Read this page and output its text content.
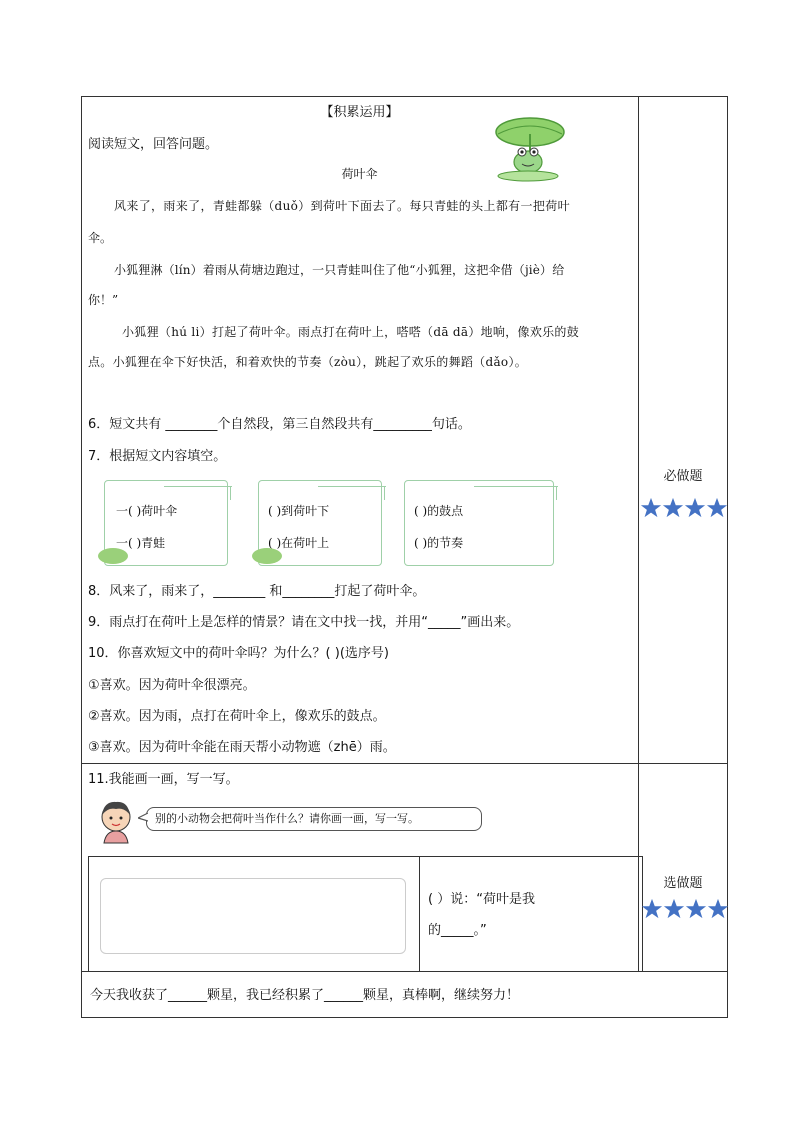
【积累运用】
阅读短文，回答问题。
荷叶伞
风来了，雨来了，青蛙都躲（duǒ）到荷叶下面去了。每只青蛙的头上都有一把荷叶
伞。
小狐狸淋（lín）着雨从荷塘边跑过，一只青蛙叫住了他“小狐狸，这把伞借（jiè）给
你！”
小狐狸（hú li）打起了荷叶伞。雨点打在荷叶上，嗒嗒（dā dā）地响，像欢乐的鼓
点。小狐狸在伞下好快活，和着欢快的节奏（zòu），跳起了欢乐的舞蹈（dǎo）。
6．短文共有 ________个自然段，第三自然段共有_________句话。
7．根据短文内容填空。
一( )荷叶伞
一( )青蛙
( )到荷叶下
( )在荷叶上
( )的鼓点
( )的节奏
8．风来了，雨来了，________ 和________打起了荷叶伞。
9．雨点打在荷叶上是怎样的情景？请在文中找一找，并用“_____”画出来。
10．你喜欢短文中的荷叶伞吗？为什么？( )(选序号)
①喜欢。因为荷叶伞很漂亮。
②喜欢。因为雨，点打在荷叶伞上，像欢乐的鼓点。
③喜欢。因为荷叶伞能在雨天帮小动物遮（zhē）雨。
必做题
11.我能画一画，写一写。
别的小动物会把荷叶当作什么？请你画一画，写一写。
( ）说：“荷叶是我
的_____。”
选做题
今天我收获了______颗星，我已经积累了______颗星，真棒啊，继续努力！
